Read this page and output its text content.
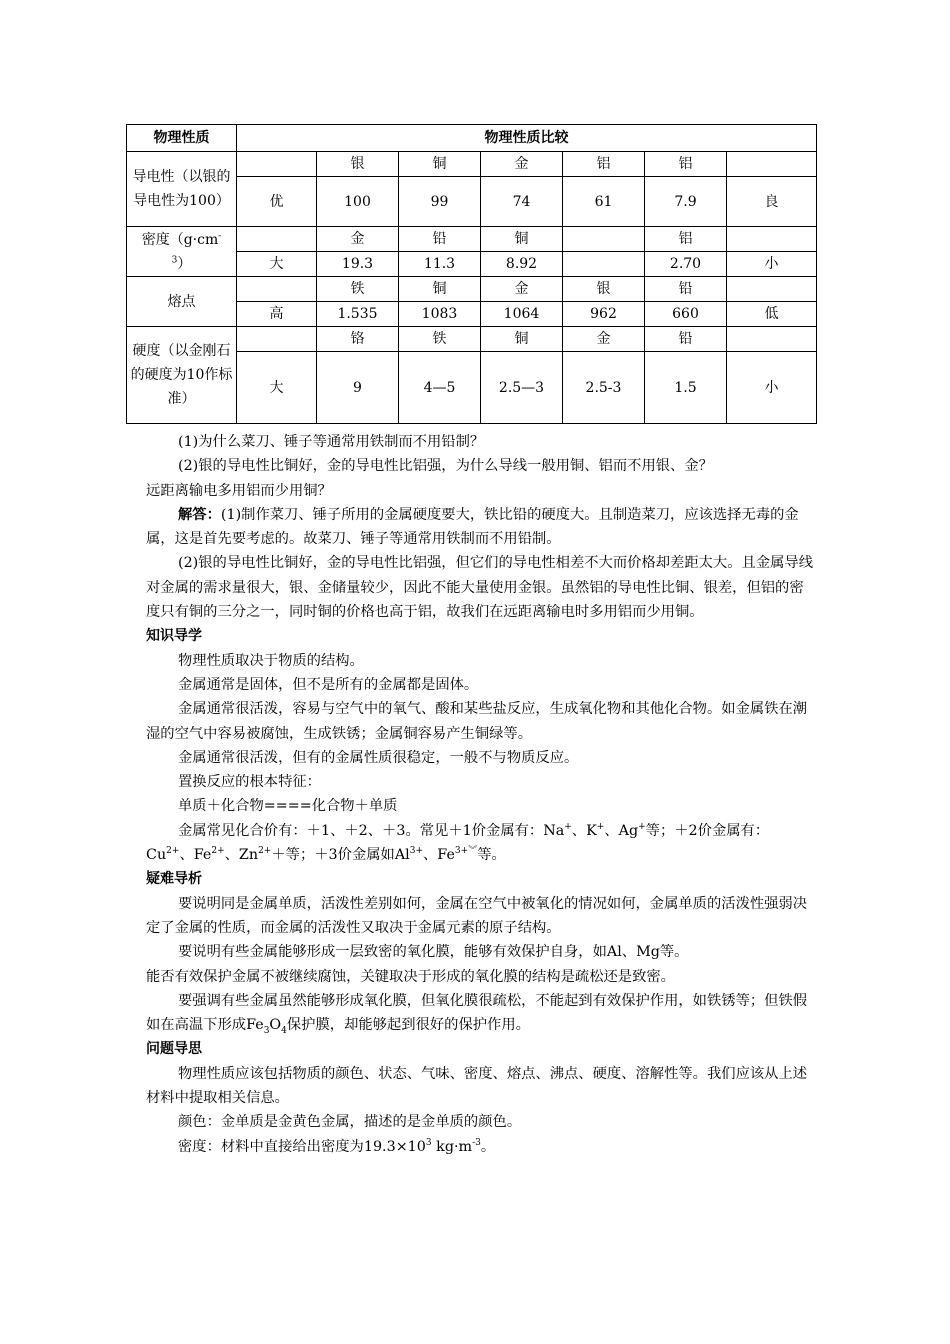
物理性质	物理性质比较						
导电性（以银的导电性为100）		银	铜	金	铝	铝	
	优	100	99	74	61	7.9	良
密度（g·cm-
$^3$）		金	铅	铜		铝	
	大	19.3	11.3	8.92		2.70	小
熔点		铁	铜	金	银	铅	
	高	1.535	1083	1064	962	660	低
硬度（以金刚石的硬度为10作标准）		铬	铁	铜	金	铅	
	大	9	4—5	2.5—3	2.5-3	1.5	小

(1)为什么菜刀、锤子等通常用铁制而不用铅制？

(2)银的导电性比铜好，金的导电性比铝强，为什么导线一般用铜、铝而不用银、金？

远距离输电多用铝而少用铜？

解答：(1)制作菜刀、锤子所用的金属硬度要大，铁比铅的硬度大。且制造菜刀，应该选择无毒的金属，这是首先要考虑的。故菜刀、锤子等通常用铁制而不用铅制。

(2)银的导电性比铜好，金的导电性比铝强，但它们的导电性相差不大而价格却差距太大。且金属导线对金属的需求量很大，银、金储量较少，因此不能大量使用金银。虽然铝的导电性比铜、银差，但铝的密度只有铜的三分之一，同时铜的价格也高于铝，故我们在远距离输电时多用铝而少用铜。

知识导学

物理性质取决于物质的结构。

金属通常是固体，但不是所有的金属都是固体。

金属通常很活泼，容易与空气中的氧气、酸和某些盐反应，生成氧化物和其他化合物。如金属铁在潮湿的空气中容易被腐蚀，生成铁锈；金属铜容易产生铜绿等。

金属通常很活泼，但有的金属性质很稳定，一般不与物质反应。

置换反应的根本特征：

单质＋化合物====化合物＋单质

金属常见化合价有：＋1、＋2、＋3。常见＋1价金属有：Na+、K+、Ag+等；＋2价金属有：$Cu^{2+}$、$Fe^{2+}$、$Zn^{2+}+$等；＋3价金属如$Al^{3+}$、$Fe^{3+︾}$等。

疑难导析

要说明同是金属单质，活泼性差别如何，金属在空气中被氧化的情况如何，金属单质的活泼性强弱决定了金属的性质，而金属的活泼性又取决于金属元素的原子结构。

要说明有些金属能够形成一层致密的氧化膜，能够有效保护自身，如Al、Mg等。

能否有效保护金属不被继续腐蚀，关键取决于形成的氧化膜的结构是疏松还是致密。

要强调有些金属虽然能够形成氧化膜，但氧化膜很疏松，不能起到有效保护作用，如铁锈等；但铁假如在高温下形成$Fe_3O_4$保护膜，却能够起到很好的保护作用。

问题导思

物理性质应该包括物质的颜色、状态、气味、密度、熔点、沸点、硬度、溶解性等。我们应该从上述材料中提取相关信息。

颜色：金单质是金黄色金属，描述的是金单质的颜色。

密度：材料中直接给出密度为$19.3\times 10^3$ $kg\cdot m^{-3}$。
